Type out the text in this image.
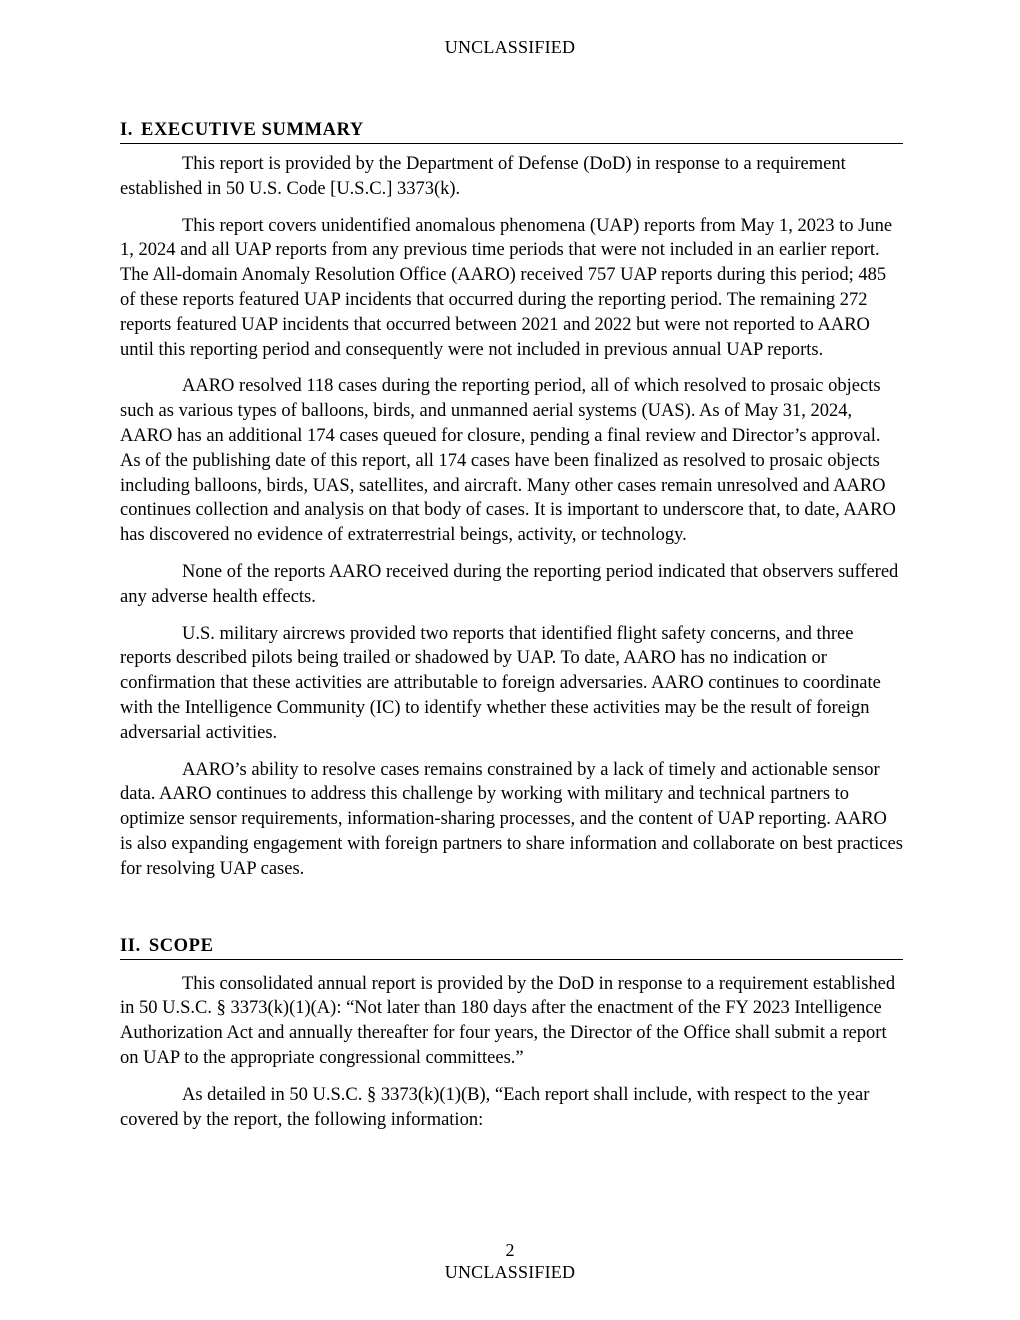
UNCLASSIFIED
I. EXECUTIVE SUMMARY

This report is provided by the Department of Defense (DoD) in response to a requirement established in 50 U.S. Code [U.S.C.] 3373(k).

This report covers unidentified anomalous phenomena (UAP) reports from May 1, 2023 to June 1, 2024 and all UAP reports from any previous time periods that were not included in an earlier report. The All-domain Anomaly Resolution Office (AARO) received 757 UAP reports during this period; 485 of these reports featured UAP incidents that occurred during the reporting period. The remaining 272 reports featured UAP incidents that occurred between 2021 and 2022 but were not reported to AARO until this reporting period and consequently were not included in previous annual UAP reports.

AARO resolved 118 cases during the reporting period, all of which resolved to prosaic objects such as various types of balloons, birds, and unmanned aerial systems (UAS). As of May 31, 2024, AARO has an additional 174 cases queued for closure, pending a final review and Director’s approval. As of the publishing date of this report, all 174 cases have been finalized as resolved to prosaic objects including balloons, birds, UAS, satellites, and aircraft. Many other cases remain unresolved and AARO continues collection and analysis on that body of cases. It is important to underscore that, to date, AARO has discovered no evidence of extraterrestrial beings, activity, or technology.

None of the reports AARO received during the reporting period indicated that observers suffered any adverse health effects.

U.S. military aircrews provided two reports that identified flight safety concerns, and three reports described pilots being trailed or shadowed by UAP. To date, AARO has no indication or confirmation that these activities are attributable to foreign adversaries. AARO continues to coordinate with the Intelligence Community (IC) to identify whether these activities may be the result of foreign adversarial activities.

AARO’s ability to resolve cases remains constrained by a lack of timely and actionable sensor data. AARO continues to address this challenge by working with military and technical partners to optimize sensor requirements, information-sharing processes, and the content of UAP reporting. AARO is also expanding engagement with foreign partners to share information and collaborate on best practices for resolving UAP cases.

II. SCOPE

This consolidated annual report is provided by the DoD in response to a requirement established in 50 U.S.C. § 3373(k)(1)(A): “Not later than 180 days after the enactment of the FY 2023 Intelligence Authorization Act and annually thereafter for four years, the Director of the Office shall submit a report on UAP to the appropriate congressional committees.”

As detailed in 50 U.S.C. § 3373(k)(1)(B), “Each report shall include, with respect to the year covered by the report, the following information:

2
UNCLASSIFIED
